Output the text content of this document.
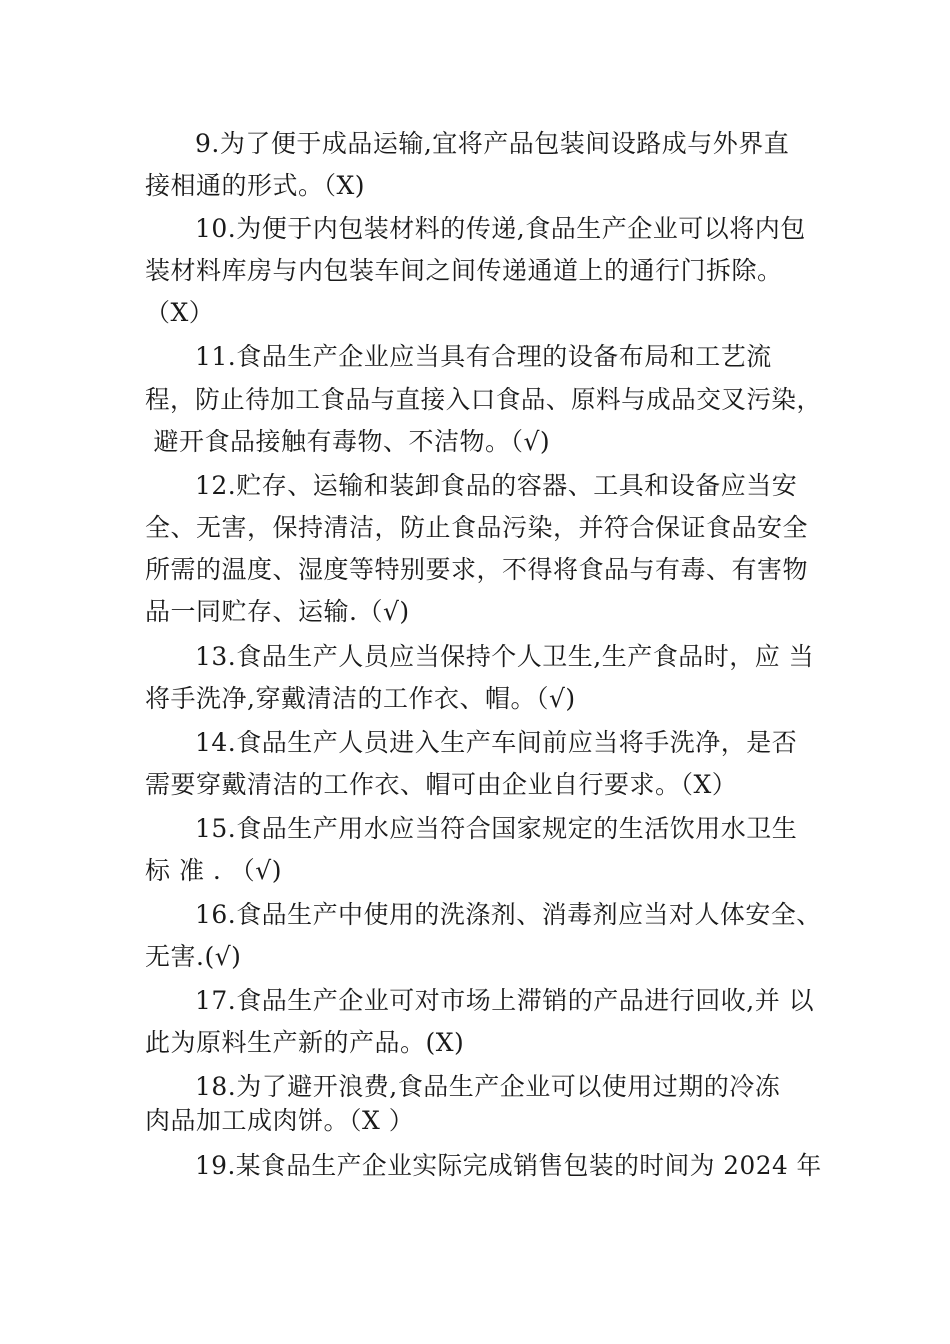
9.为了便于成品运输,宜将产品包装间设路成与外界直
接相通的形式。（X)
10.为便于内包装材料的传递,食品生产企业可以将内包
装材料库房与内包装车间之间传递通道上的通行门拆除。
（X）
11.食品生产企业应当具有合理的设备布局和工艺流
程，防止待加工食品与直接入口食品、原料与成品交叉污染，
避开食品接触有毒物、不洁物。（√)
12.贮存、运输和装卸食品的容器、工具和设备应当安
全、无害，保持清洁，防止食品污染，并符合保证食品安全
所需的温度、湿度等特别要求，不得将食品与有毒、有害物
品一同贮存、运输.（√)
13.食品生产人员应当保持个人卫生,生产食品时，应 当
将手洗净,穿戴清洁的工作衣、帽。（√)
14.食品生产人员进入生产车间前应当将手洗净，是否
需要穿戴清洁的工作衣、帽可由企业自行要求。（X）
15.食品生产用水应当符合国家规定的生活饮用水卫生
标 准 . （√)
16.食品生产中使用的洗涤剂、消毒剂应当对人体安全、
无害.(√)
17.食品生产企业可对市场上滞销的产品进行回收,并 以
此为原料生产新的产品。(X)
18.为了避开浪费,食品生产企业可以使用过期的冷冻
肉品加工成肉饼。（X ）
19.某食品生产企业实际完成销售包装的时间为 2024 年
